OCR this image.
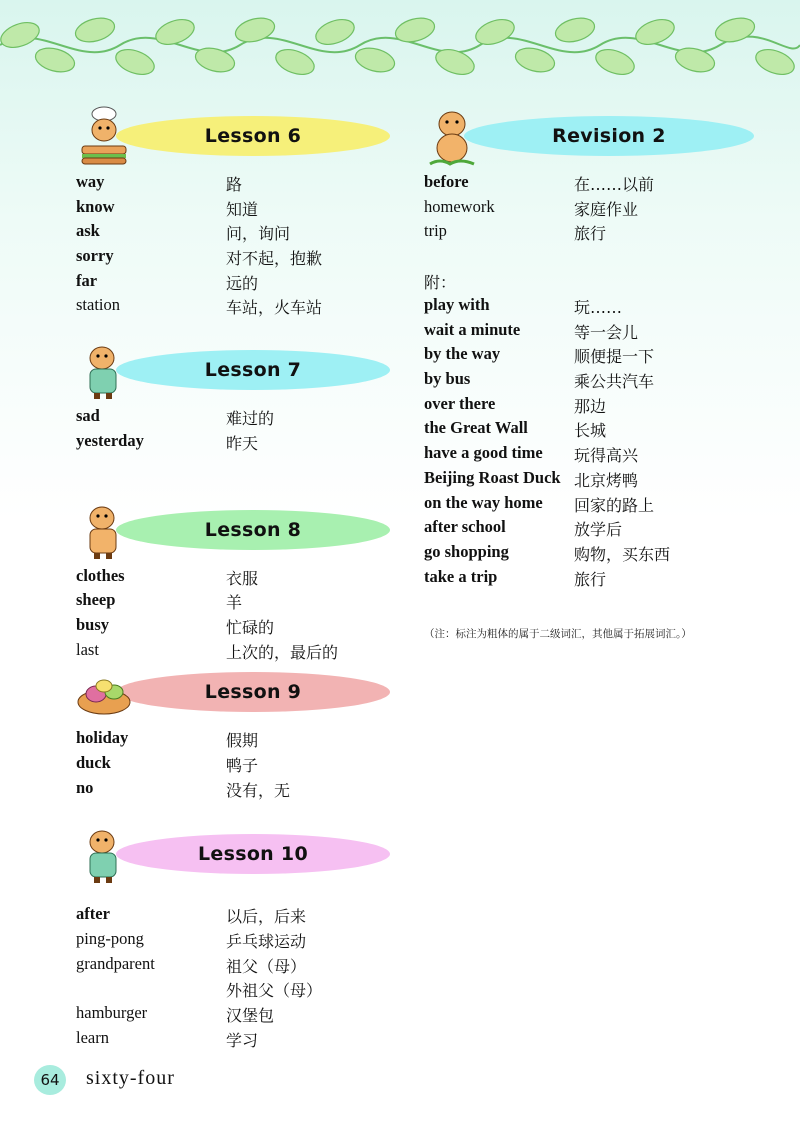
Lesson 6
way	路
know	知道
ask	问，询问
sorry	对不起，抱歉
far	远的
station	车站，火车站
Lesson 7
sad	难过的
yesterday	昨天
Lesson 8
clothes	衣服
sheep	羊
busy	忙碌的
last	上次的，最后的
Lesson 9
holiday	假期
duck	鸭子
no	没有，无
Lesson 10
after	以后，后来
ping-pong	乒乓球运动
grandparent	祖父（母）
外祖父（母）
hamburger	汉堡包
learn	学习
Revision 2
before	在……以前
homework	家庭作业
trip	旅行
附：
play with	玩……
wait a minute	等一会儿
by the way	顺便提一下
by bus	乘公共汽车
over there	那边
the Great Wall	长城
have a good time 玩得高兴
Beijing Roast Duck 北京烤鸭
on the way home 回家的路上
after school	放学后
go shopping	购物，买东西
take a trip	旅行
（注：标注为粗体的属于二级词汇，其他属于拓展词汇。）
64	sixty-four
